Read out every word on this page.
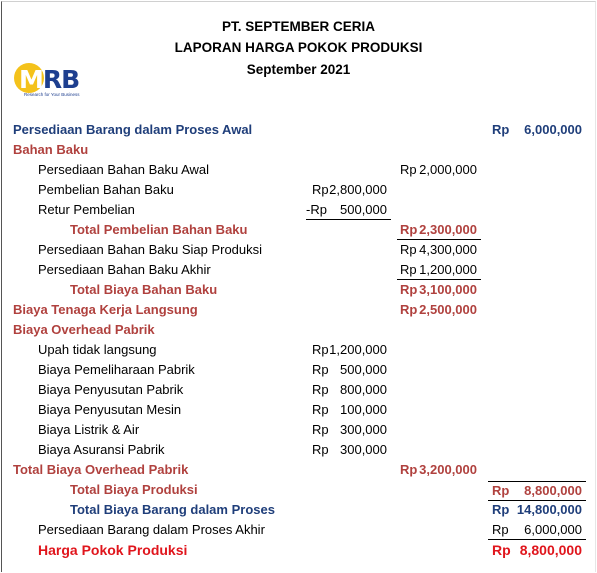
PT. SEPTEMBER CERIA
LAPORAN HARGA POKOK PRODUKSI
September 2021
MRB
Research for Your Business
Persediaan Barang dalam Proses Awal	Rp 6,000,000
Bahan Baku
Persediaan Bahan Baku Awal	Rp 2,000,000
Pembelian Bahan Baku	Rp 2,800,000
Retur Pembelian	-Rp 500,000
Total Pembelian Bahan Baku	Rp 2,300,000
Persediaan Bahan Baku Siap Produksi	Rp 4,300,000
Persediaan Bahan Baku Akhir	Rp 1,200,000
Total Biaya Bahan Baku	Rp 3,100,000
Biaya Tenaga Kerja Langsung	Rp 2,500,000
Biaya Overhead Pabrik
Upah tidak langsung	Rp 1,200,000
Biaya Pemeliharaan Pabrik	Rp 500,000
Biaya Penyusutan Pabrik	Rp 800,000
Biaya Penyusutan Mesin	Rp 100,000
Biaya Listrik & Air	Rp 300,000
Biaya Asuransi Pabrik	Rp 300,000
Total Biaya Overhead Pabrik	Rp 3,200,000
Total Biaya Produksi	Rp 8,800,000
Total Biaya Barang dalam Proses	Rp 14,800,000
Persediaan Barang dalam Proses Akhir	Rp 6,000,000
Harga Pokok Produksi	Rp 8,800,000
